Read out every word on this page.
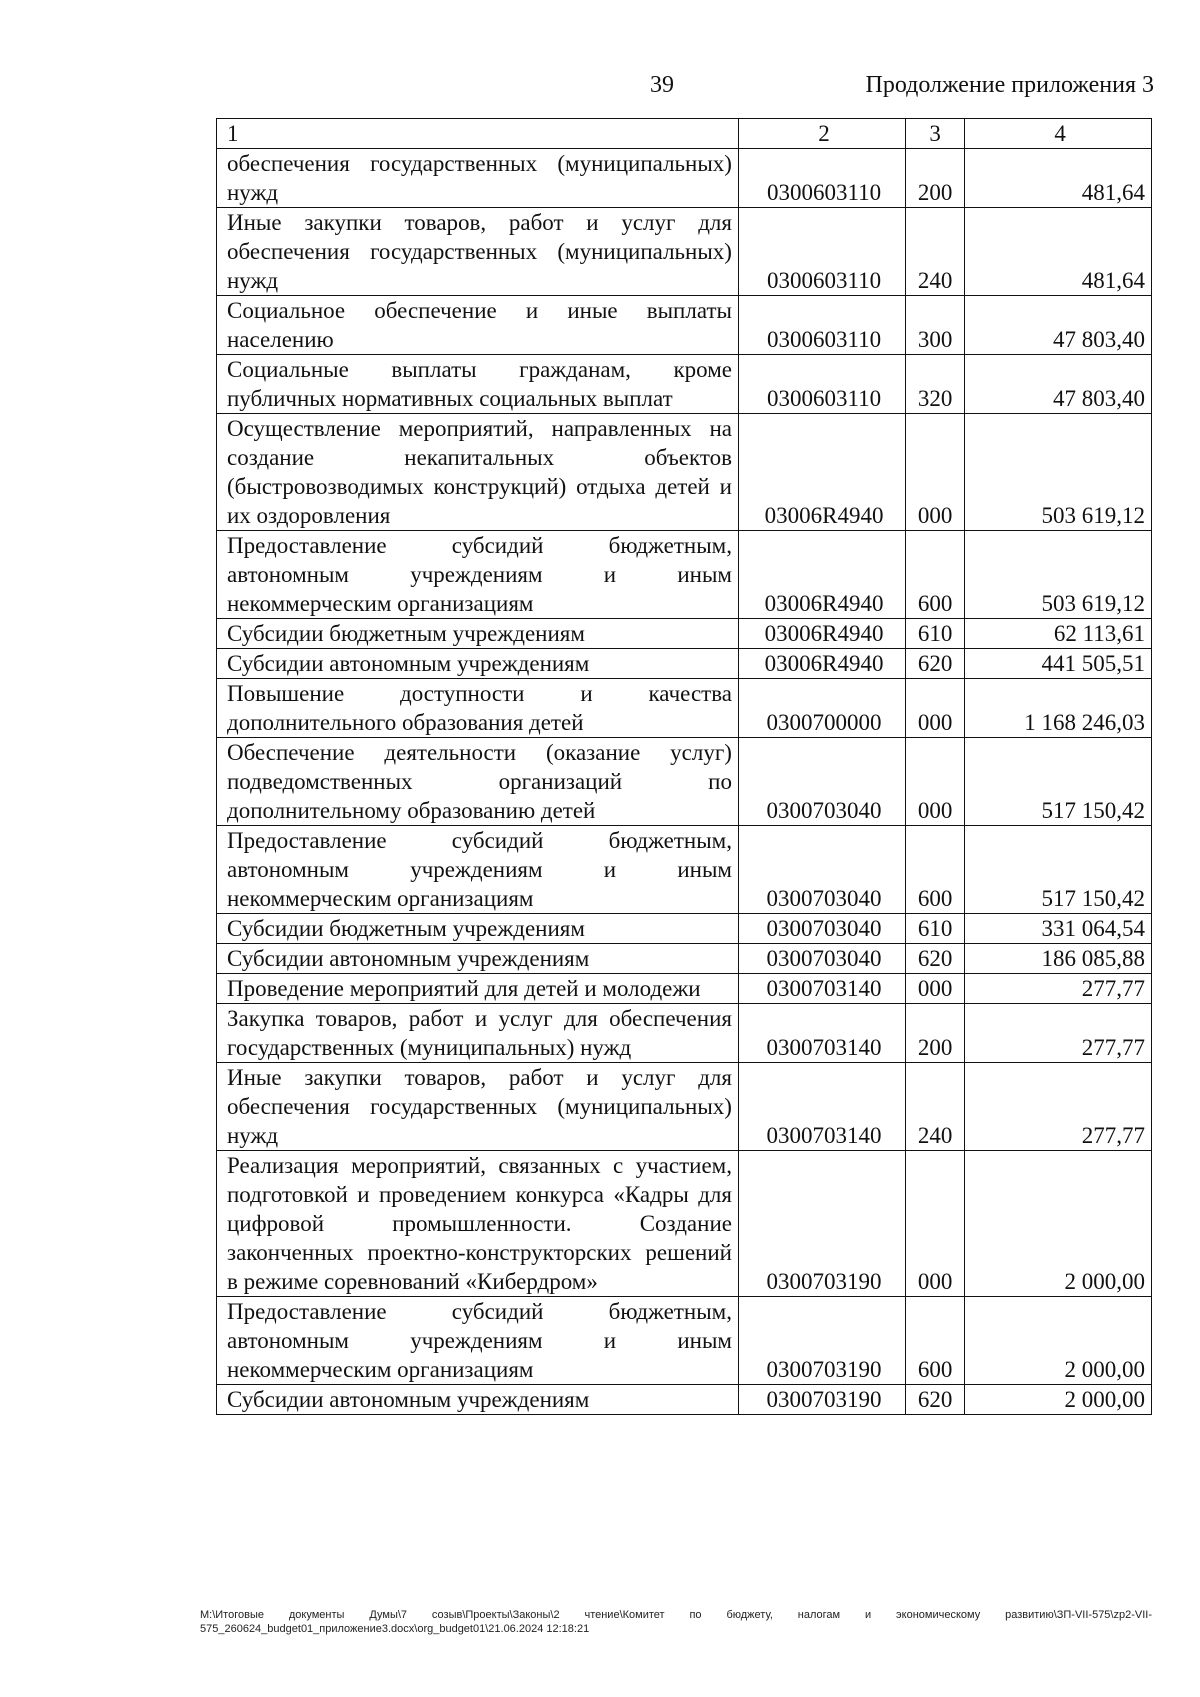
39	Продолжение приложения 3
1	2	3	4
обеспечения государственных (муниципальных) нужд	0300603110	200	481,64
Иные закупки товаров, работ и услуг для обеспечения государственных (муниципальных) нужд	0300603110	240	481,64
Социальное обеспечение и иные выплаты населению	0300603110	300	47 803,40
Социальные выплаты гражданам, кроме публичных нормативных социальных выплат	0300603110	320	47 803,40
Осуществление мероприятий, направленных на создание некапитальных объектов (быстровозводимых конструкций) отдыха детей и их оздоровления	03006R4940	000	503 619,12
Предоставление субсидий бюджетным, автономным учреждениям и иным некоммерческим организациям	03006R4940	600	503 619,12
Субсидии бюджетным учреждениям	03006R4940	610	62 113,61
Субсидии автономным учреждениям	03006R4940	620	441 505,51
Повышение доступности и качества дополнительного образования детей	0300700000	000	1 168 246,03
Обеспечение деятельности (оказание услуг) подведомственных организаций по дополнительному образованию детей	0300703040	000	517 150,42
Предоставление субсидий бюджетным, автономным учреждениям и иным некоммерческим организациям	0300703040	600	517 150,42
Субсидии бюджетным учреждениям	0300703040	610	331 064,54
Субсидии автономным учреждениям	0300703040	620	186 085,88
Проведение мероприятий для детей и молодежи	0300703140	000	277,77
Закупка товаров, работ и услуг для обеспечения государственных (муниципальных) нужд	0300703140	200	277,77
Иные закупки товаров, работ и услуг для обеспечения государственных (муниципальных) нужд	0300703140	240	277,77
Реализация мероприятий, связанных с участием, подготовкой и проведением конкурса «Кадры для цифровой промышленности. Создание законченных проектно-конструкторских решений в режиме соревнований «Кибердром»	0300703190	000	2 000,00
Предоставление субсидий бюджетным, автономным учреждениям и иным некоммерческим организациям	0300703190	600	2 000,00
Субсидии автономным учреждениям	0300703190	620	2 000,00
М:\Итоговые документы Думы\7 созыв\Проекты\Законы\2 чтение\Комитет по бюджету, налогам и экономическому развитию\ЗП-VII-575\zp2-VII-575_260624_budget01_приложение3.docx\org_budget01\21.06.2024 12:18:21
